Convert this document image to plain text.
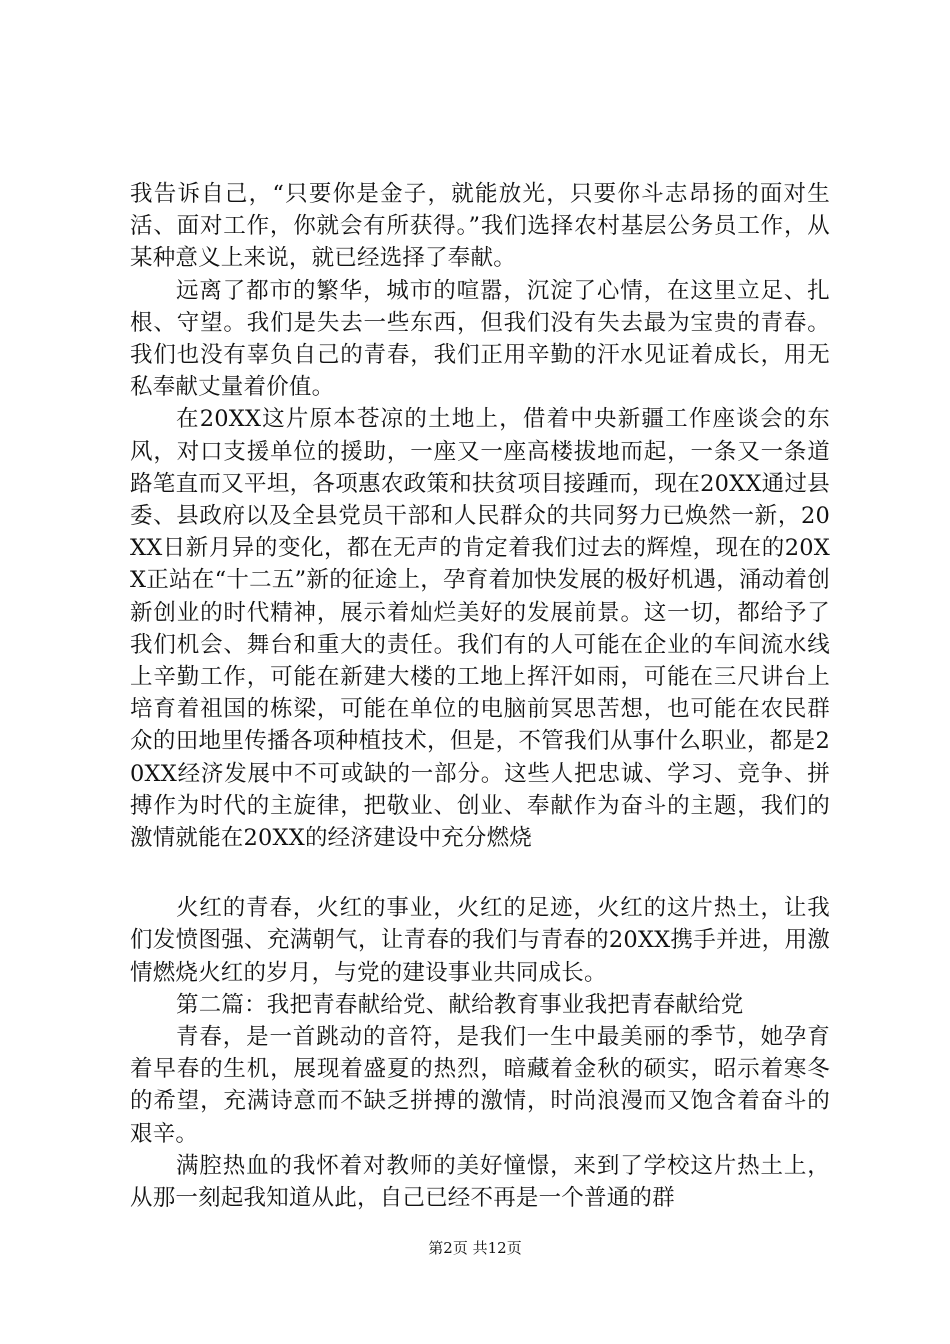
我告诉自己，“只要你是金子，就能放光，只要你斗志昂扬的面对生活、面对工作，你就会有所获得。”我们选择农村基层公务员工作，从某种意义上来说，就已经选择了奉献。

远离了都市的繁华，城市的喧嚣，沉淀了心情，在这里立足、扎根、守望。我们是失去一些东西，但我们没有失去最为宝贵的青春。我们也没有辜负自己的青春，我们正用辛勤的汗水见证着成长，用无私奉献丈量着价值。

在20XX这片原本苍凉的土地上，借着中央新疆工作座谈会的东风，对口支援单位的援助，一座又一座高楼拔地而起，一条又一条道路笔直而又平坦，各项惠农政策和扶贫项目接踵而，现在20XX通过县委、县政府以及全县党员干部和人民群众的共同努力已焕然一新，20XX日新月异的变化，都在无声的肯定着我们过去的辉煌，现在的20XX正站在“十二五”新的征途上，孕育着加快发展的极好机遇，涌动着创新创业的时代精神，展示着灿烂美好的发展前景。这一切，都给予了我们机会、舞台和重大的责任。我们有的人可能在企业的车间流水线上辛勤工作，可能在新建大楼的工地上挥汗如雨，可能在三尺讲台上培育着祖国的栋梁，可能在单位的电脑前冥思苦想，也可能在农民群众的田地里传播各项种植技术，但是，不管我们从事什么职业，都是20XX经济发展中不可或缺的一部分。这些人把忠诚、学习、竞争、拼搏作为时代的主旋律，把敬业、创业、奉献作为奋斗的主题，我们的激情就能在20XX的经济建设中充分燃烧

火红的青春，火红的事业，火红的足迹，火红的这片热土，让我们发愤图强、充满朝气，让青春的我们与青春的20XX携手并进，用激情燃烧火红的岁月，与党的建设事业共同成长。

第二篇：我把青春献给党、献给教育事业我把青春献给党

青春，是一首跳动的音符，是我们一生中最美丽的季节，她孕育着早春的生机，展现着盛夏的热烈，暗藏着金秋的硕实，昭示着寒冬的希望，充满诗意而不缺乏拼搏的激情，时尚浪漫而又饱含着奋斗的艰辛。

满腔热血的我怀着对教师的美好憧憬，来到了学校这片热土上，从那一刻起我知道从此，自己已经不再是一个普通的群

第2页 共12页
